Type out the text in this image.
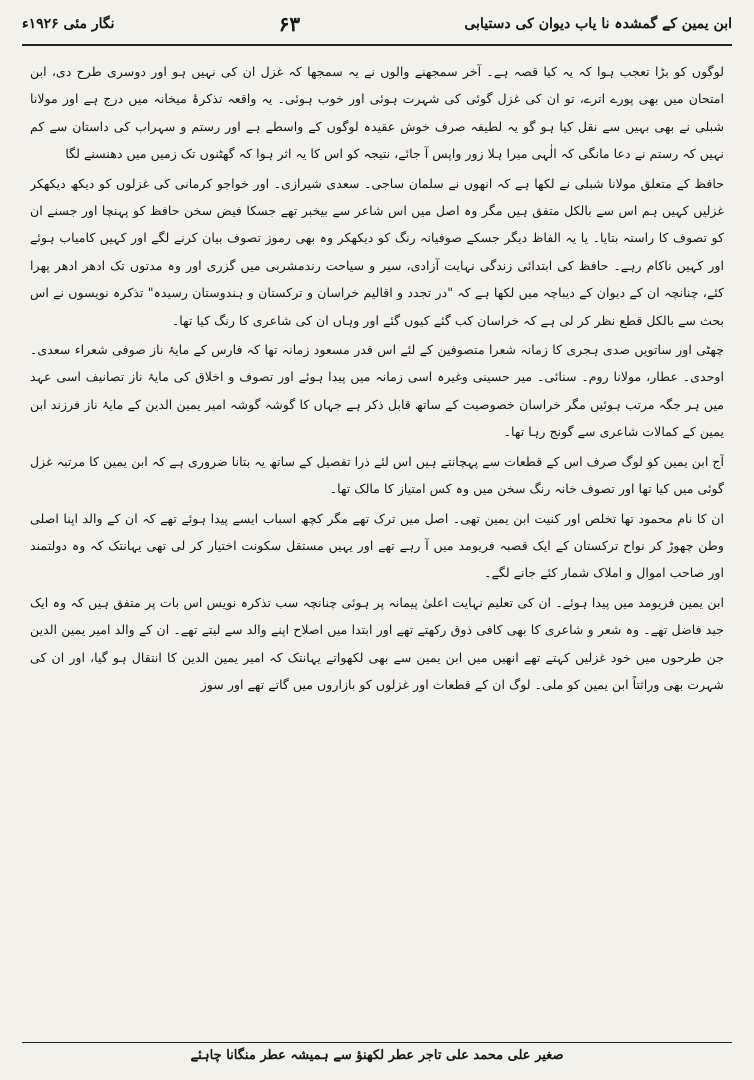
نگار مئی ۱۹۲۶ء	۶۳	ابن یمین کے گمشدہ نا یاب دیوان کی دستیابی

لوگوں کو بڑا تعجب ہوا کہ یہ کیا قصہ ہے۔ آخر سمجھنے والوں نے یہ سمجھا کہ غزل ان کی نہیں ہو اور دوسری طرح دی، ابن امتحان میں بھی پورے اترے، تو ان کی غزل گوئی کی شہرت ہوئی اور خوب ہوئی۔ یہ واقعہ تذکرۂ میخانہ میں درج ہے اور مولانا شبلی نے بھی بہیں سے نقل کیا ہو گو یہ لطیفہ صرف خوش عقیدہ لوگوں کے واسطے ہے اور رستم و سہراب کی داستان سے کم نہیں کہ رستم نے دعا مانگی کہ الٰہی میرا ہلا زور واپس آ جائے، نتیجہ کو اس کا یہ اثر ہوا کہ گھٹنوں تک زمیں میں دھنسنے لگا

حافظ کے متعلق مولانا شبلی نے لکھا ہے کہ انھوں نے سلمان ساجی۔ سعدی شیرازی۔ اور خواجو کرمانی کی غزلوں کو دیکھ دیکھکر غزلیں کہیں ہم اس سے بالکل متفق ہیں مگر وہ اصل میں اس شاعر سے بیخبر تھے جسکا فیض سخن حافظ کو پہنچا اور جسنے ان کو تصوف کا راستہ بتایا۔ یا یہ الفاظ دیگر جسکے صوفیانہ رنگ کو دیکھکر وہ بھی رموز تصوف بیان کرنے لگے اور کہیں کامیاب ہوئے اور کہیں ناکام رہے۔ حافظ کی ابتدائی زندگی نہایت آزادی، سیر و سیاحت رندمشربی میں گزری اور وہ مدتوں تک ادھر ادھر پھرا کئے، چنانچہ ان کے دیوان کے دیباچہ میں لکھا ہے کہ "در تجدد و اقالیم خراسان و ترکستان و ہندوستان رسیدہ" تذکرہ نویسوں نے اس بحث سے بالکل قطع نظر کر لی ہے کہ خراسان کب گئے کیوں گئے اور وہاں ان کی شاعری کا رنگ کیا تھا۔

چھٹی اور ساتویں صدی ہجری کا زمانہ شعرا متصوفین کے لئے اس قدر مسعود زمانہ تھا کہ فارس کے مایۂ ناز صوفی شعراء سعدی۔ اوحدی۔ عطار، مولانا روم۔ سنائی۔ میر حسینی وغیرہ اسی زمانہ میں پیدا ہوئے اور تصوف و اخلاق کی مایۂ ناز تصانیف اسی عہد میں ہر جگہ مرتب ہوئیں مگر خراسان خصوصیت کے ساتھ قابل ذکر ہے جہاں کا گوشہ گوشہ امیر یمین الدین کے مایۂ ناز فرزند ابن یمین کے کمالات شاعری سے گونج رہا تھا۔

آج ابن یمین کو لوگ صرف اس کے قطعات سے پہچانتے ہیں اس لئے ذرا تفصیل کے ساتھ یہ بتانا ضروری ہے کہ ابن یمین کا مرتبہ غزل گوئی میں کیا تھا اور تصوف خانہ رنگ سخن میں وہ کس امتیاز کا مالک تھا۔

ان کا نام محمود تھا تخلص اور کنیت ابن یمین تھی۔ اصل میں ترک تھے مگر کچھ اسباب ایسے پیدا ہوئے تھے کہ ان کے والد اپنا اصلی وطن چھوڑ کر نواح ترکستان کے ایک قصبہ فریومد میں آ رہے تھے اور یہیں مستقل سکونت اختیار کر لی تھی یہانتک کہ وہ دولتمند اور صاحب اموال و املاک شمار کئے جانے لگے۔

ابن یمین فریومد میں پیدا ہوئے۔ ان کی تعلیم نہایت اعلیٰ پیمانہ پر ہوئی چنانچہ سب تذکرہ نویس اس بات پر متفق ہیں کہ وہ ایک جید فاضل تھے۔ وہ شعر و شاعری کا بھی کافی ذوق رکھتے تھے اور ابتدا میں اصلاح اپنے والد سے لیتے تھے۔ ان کے والد امیر یمین الدین جن طرحوں میں خود غزلیں کہتے تھے انھیں میں ابن یمین سے بھی لکھواتے یہانتک کہ امیر یمین الدین کا انتقال ہو گیا، اور ان کی شہرت بھی وراثتاً ابن یمین کو ملی۔ لوگ ان کے قطعات اور غزلوں کو بازاروں میں گاتے تھے اور سوز

صغیر علی محمد علی تاجر عطر لکھنؤ سے ہمیشہ عطر منگانا چاہئے
